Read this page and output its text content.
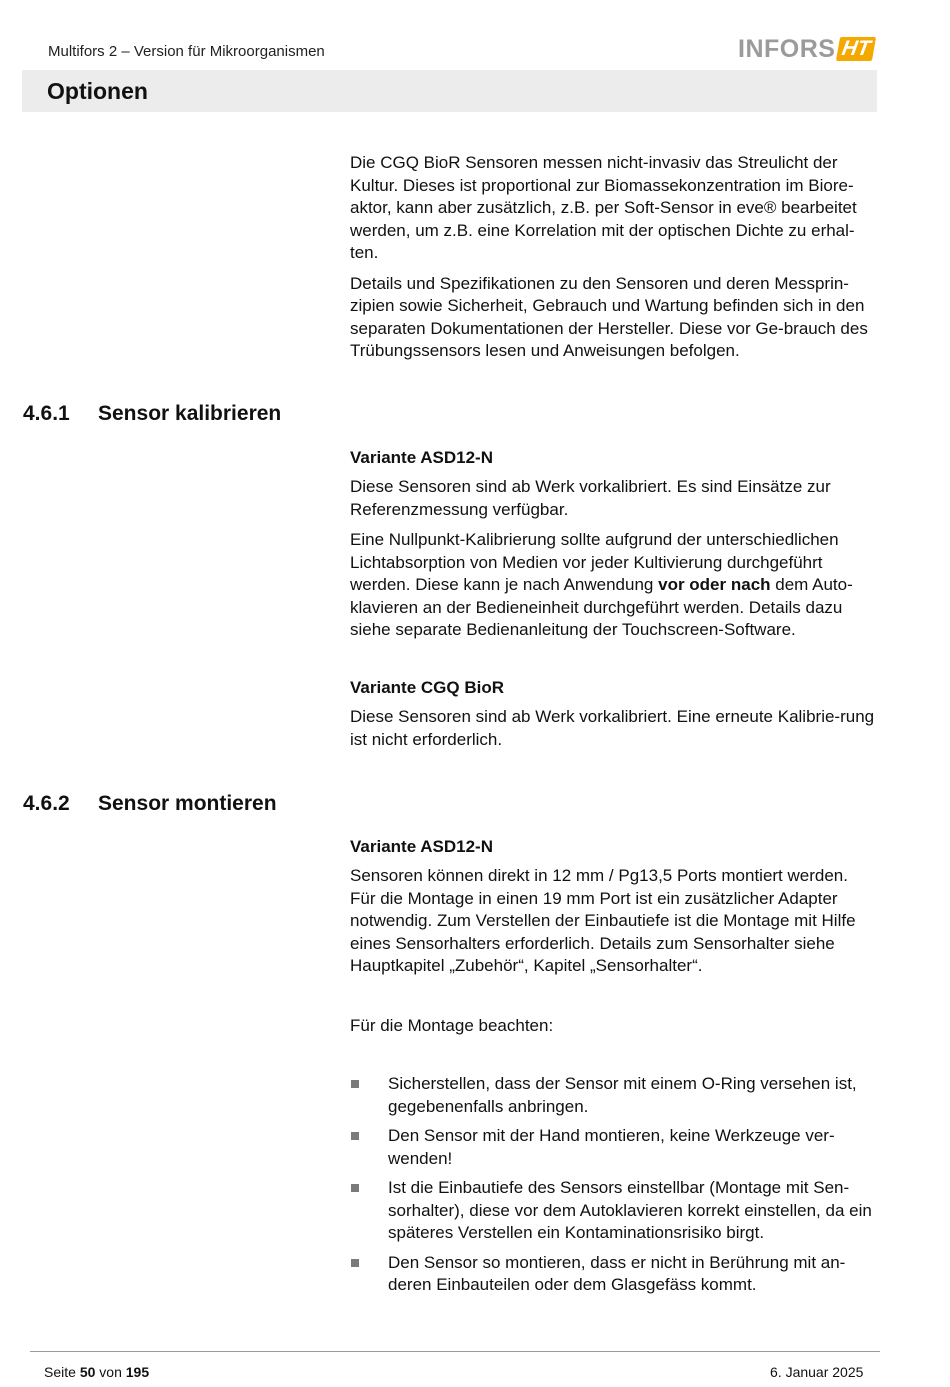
Multifors 2 – Version für Mikroorganismen	INFORS HT
Optionen

Die CGQ BioR Sensoren messen nicht-invasiv das Streulicht der Kultur. Dieses ist proportional zur Biomassekonzentration im Biore-aktor, kann aber zusätzlich, z.B. per Soft-Sensor in eve® bearbeitet werden, um z.B. eine Korrelation mit der optischen Dichte zu erhal-ten.

Details und Spezifikationen zu den Sensoren und deren Messprin-zipien sowie Sicherheit, Gebrauch und Wartung befinden sich in den separaten Dokumentationen der Hersteller. Diese vor Ge-brauch des Trübungssensors lesen und Anweisungen befolgen.

4.6.1 Sensor kalibrieren
Variante ASD12-N

Diese Sensoren sind ab Werk vorkalibriert. Es sind Einsätze zur Referenzmessung verfügbar.

Eine Nullpunkt-Kalibrierung sollte aufgrund der unterschiedlichen Lichtabsorption von Medien vor jeder Kultivierung durchgeführt werden. Diese kann je nach Anwendung vor oder nach dem Auto-klavieren an der Bedieneinheit durchgeführt werden. Details dazu siehe separate Bedienanleitung der Touchscreen-Software.

Variante CGQ BioR

Diese Sensoren sind ab Werk vorkalibriert. Eine erneute Kalibrie-rung ist nicht erforderlich.

4.6.2 Sensor montieren
Variante ASD12-N

Sensoren können direkt in 12 mm / Pg13,5 Ports montiert werden. Für die Montage in einen 19 mm Port ist ein zusätzlicher Adapter notwendig. Zum Verstellen der Einbautiefe ist die Montage mit Hilfe eines Sensorhalters erforderlich. Details zum Sensorhalter siehe Hauptkapitel „Zubehör“, Kapitel „Sensorhalter“.

Für die Montage beachten:

Sicherstellen, dass der Sensor mit einem O-Ring versehen ist, gegebenenfalls anbringen.
Den Sensor mit der Hand montieren, keine Werkzeuge ver-wenden!
Ist die Einbautiefe des Sensors einstellbar (Montage mit Sen-sorhalter), diese vor dem Autoklavieren korrekt einstellen, da ein späteres Verstellen ein Kontaminationsrisiko birgt.
Den Sensor so montieren, dass er nicht in Berührung mit an-deren Einbauteilen oder dem Glasgefäss kommt.
Seite 50 von 195	6. Januar 2025
